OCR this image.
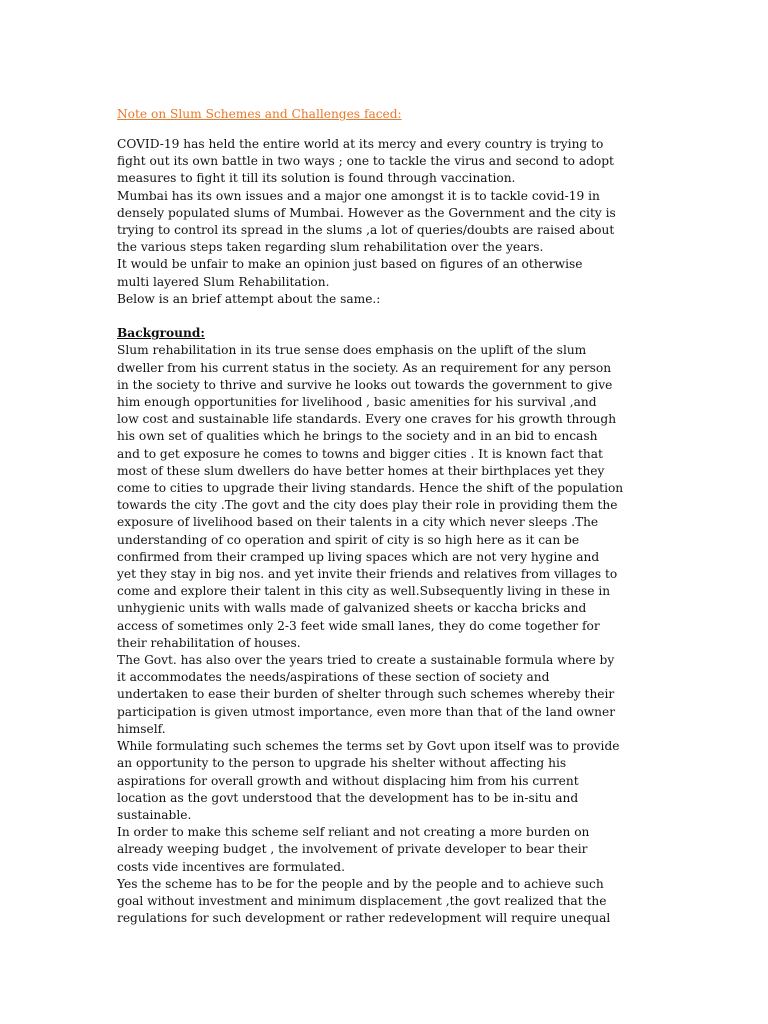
Note on Slum Schemes and Challenges faced:
COVID-19 has held the entire world at its mercy and every country is trying to
fight out its own battle in two ways ; one to tackle the virus and second to adopt
measures to fight it till its solution is found through vaccination.
Mumbai has its own issues and a major one amongst it is to tackle covid-19 in
densely populated slums of Mumbai. However as the Government and the city is
trying to control its spread in the slums ,a lot of queries/doubts are raised about
the various steps taken regarding slum rehabilitation over the years.
It would be unfair to make an opinion just based on figures of an otherwise
multi layered Slum Rehabilitation.
Below is an brief attempt about the same.:
Background:
Slum rehabilitation in its true sense does emphasis on the uplift of the slum
dweller from his current status in the society. As an requirement for any person
in the society to thrive and survive he looks out towards the government to give
him enough opportunities for livelihood , basic amenities for his survival ,and
low cost and sustainable life standards. Every one craves for his growth through
his own set of qualities which he brings to the society and in an bid to encash
and to get exposure he comes to towns and bigger cities . It is known fact that
most of these slum dwellers do have better homes at their birthplaces yet they
come to cities to upgrade their living standards. Hence the shift of the population
towards the city .The govt and the city does play their role in providing them the
exposure of livelihood based on their talents in a city which never sleeps .The
understanding of co operation and spirit of city is so high here as it can be
confirmed from their cramped up living spaces which are not very hygine and
yet they stay in big nos. and yet invite their friends and relatives from villages to
come and explore their talent in this city as well.Subsequently living in these in
unhygienic units with walls made of galvanized sheets or kaccha bricks and
access of sometimes only 2-3 feet wide small lanes, they do come together for
their rehabilitation of houses.
The Govt. has also over the years tried to create a sustainable formula where by
it accommodates the needs/aspirations of these section of society and
undertaken to ease their burden of shelter through such schemes whereby their
participation is given utmost importance, even more than that of the land owner
himself.
While formulating such schemes the terms set by Govt upon itself was to provide
an opportunity to the person to upgrade his shelter without affecting his
aspirations for overall growth and without displacing him from his current
location as the govt understood that the development has to be in-situ and
sustainable.
In order to make this scheme self reliant and not creating a more burden on
already weeping budget , the involvement of private developer to bear their
costs vide incentives are formulated.
Yes the scheme has to be for the people and by the people and to achieve such
goal without investment and minimum displacement ,the govt realized that the
regulations for such development or rather redevelopment will require unequal
